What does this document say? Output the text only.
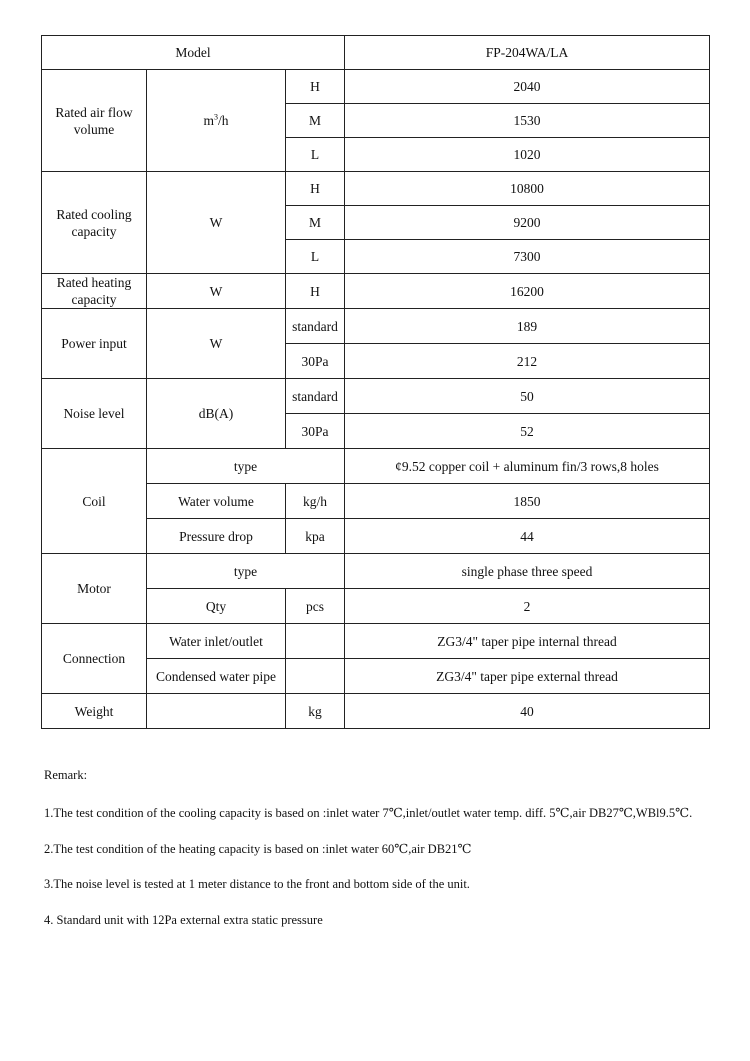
Model			FP-204WA/LA
Rated air flow volume	$m^3/h$	H	2040
		M	1530
		L	1020
Rated cooling capacity	W	H	10800
		M	9200
		L	7300
Rated heating capacity	W	H	16200
Power input	W	standard	189
		30Pa	212
Noise level	dB(A)	standard	50
		30Pa	52
Coil	type		¢9.52 copper coil + aluminum fin/3 rows,8 holes
	Water volume	kg/h	1850
	Pressure drop	kpa	44
Motor	type		single phase three speed
	Qty	pcs	2
Connection	Water inlet/outlet		ZG3/4" taper pipe internal thread
	Condensed water pipe		ZG3/4" taper pipe external thread
Weight		kg	40

Remark:

1.The test condition of the cooling capacity is based on :inlet water 7℃,inlet/outlet water temp. diff. 5℃,air DB27℃,WBl9.5℃.

2.The test condition of the heating capacity is based on :inlet water 60℃,air DB21℃

3.The noise level is tested at 1 meter distance to the front and bottom side of the unit.

4. Standard unit with 12Pa external extra static pressure
